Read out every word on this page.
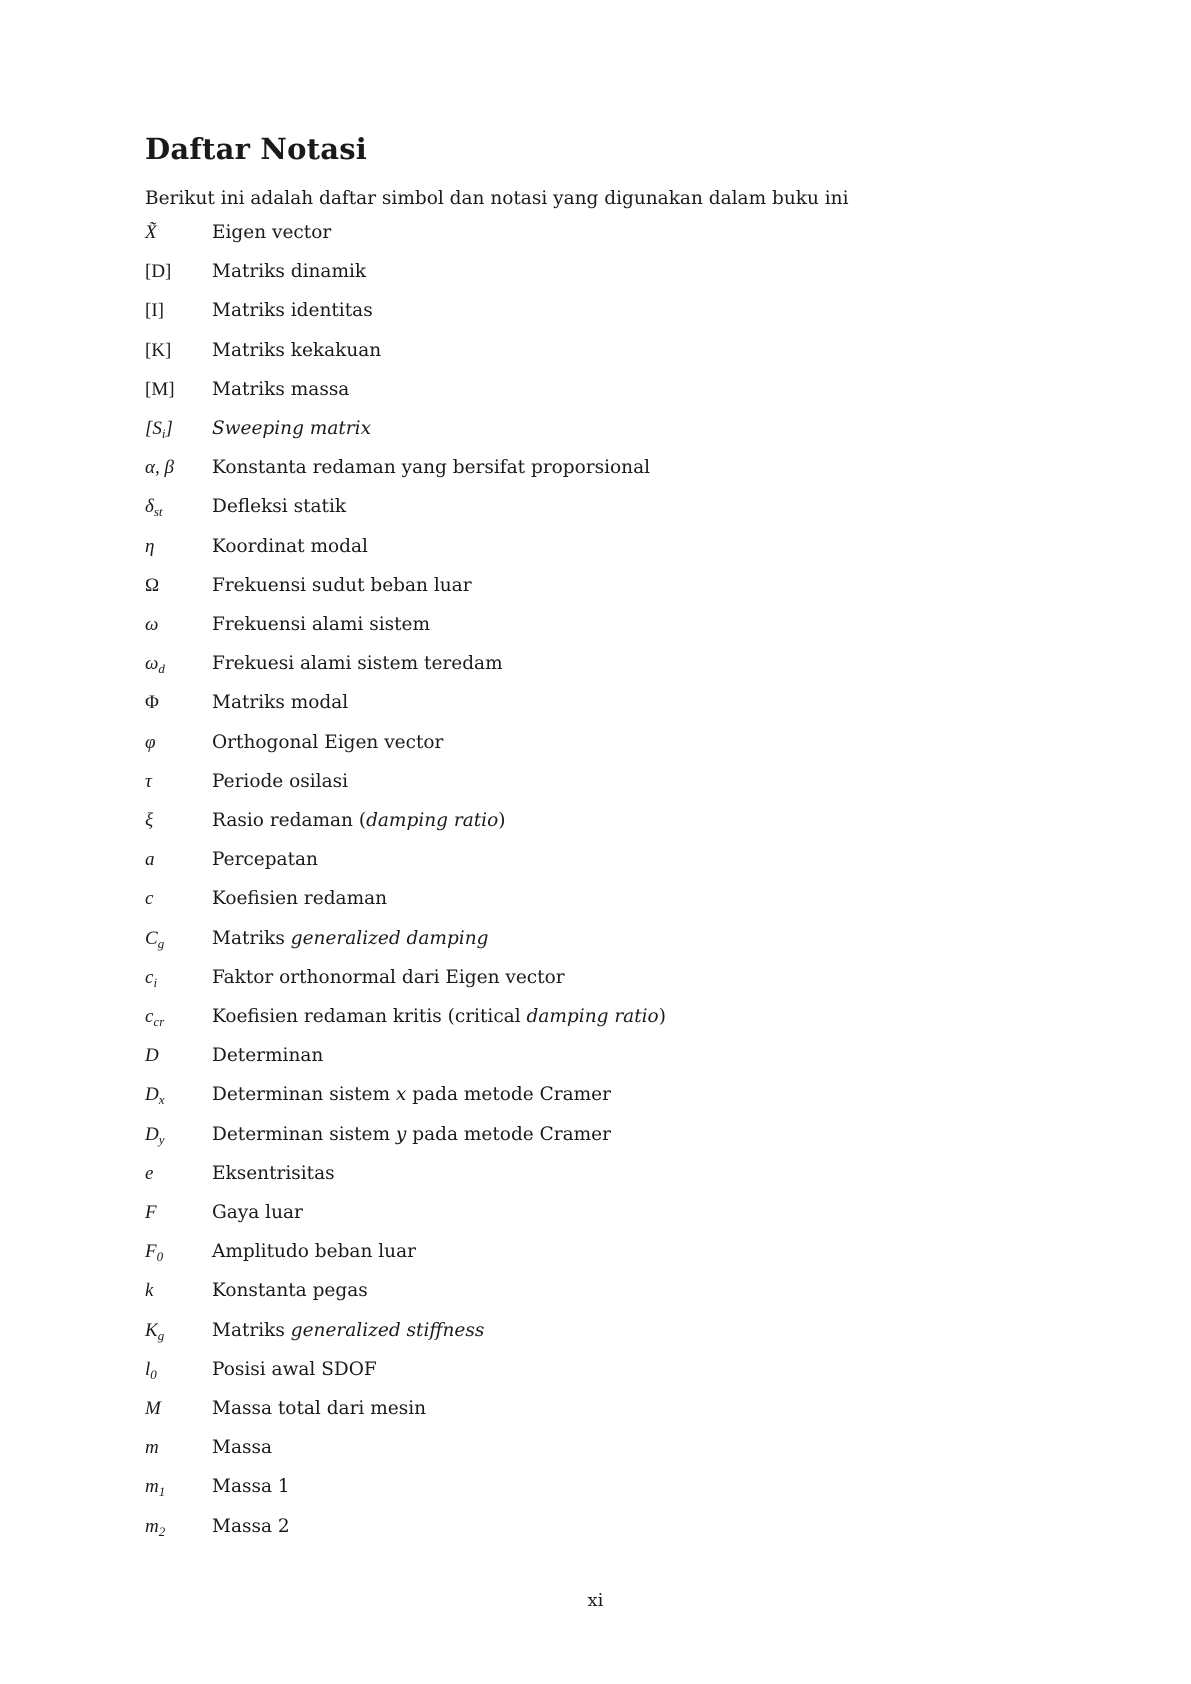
Daftar Notasi

Berikut ini adalah daftar simbol dan notasi yang digunakan dalam buku ini

X̃	Eigen vector
[D]	Matriks dinamik
[I]	Matriks identitas
[K]	Matriks kekakuan
[M]	Matriks massa
$[S_i]$	Sweeping matrix
α, β	Konstanta redaman yang bersifat proporsional
$\delta_{st}$	Defleksi statik
η	Koordinat modal
Ω	Frekuensi sudut beban luar
ω	Frekuensi alami sistem
$\omega_d$	Frekuesi alami sistem teredam
Φ	Matriks modal
φ	Orthogonal Eigen vector
τ	Periode osilasi
ξ	Rasio redaman (damping ratio)
a	Percepatan
c	Koefisien redaman
$C_g$	Matriks generalized damping
$c_i$	Faktor orthonormal dari Eigen vector
$c_{cr}$	Koefisien redaman kritis (critical damping ratio)
D	Determinan
$D_x$	Determinan sistem x pada metode Cramer
$D_y$	Determinan sistem y pada metode Cramer
e	Eksentrisitas
F	Gaya luar
$F_0$	Amplitudo beban luar
k	Konstanta pegas
$K_g$	Matriks generalized stiffness
$l_0$	Posisi awal SDOF
M	Massa total dari mesin
m	Massa
$m_1$	Massa 1
$m_2$	Massa 2
xi
